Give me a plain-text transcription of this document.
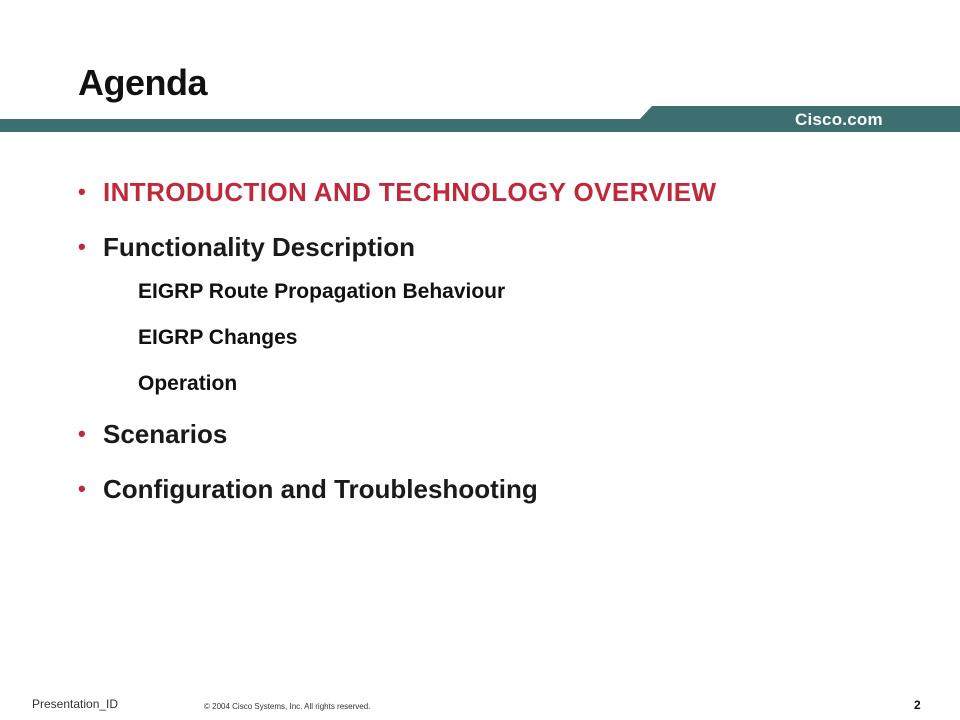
Agenda
Cisco.com
• INTRODUCTION AND TECHNOLOGY OVERVIEW
• Functionality Description
EIGRP Route Propagation Behaviour
EIGRP Changes
Operation
• Scenarios
• Configuration and Troubleshooting
Presentation_ID	© 2004 Cisco Systems, Inc. All rights reserved.	2
